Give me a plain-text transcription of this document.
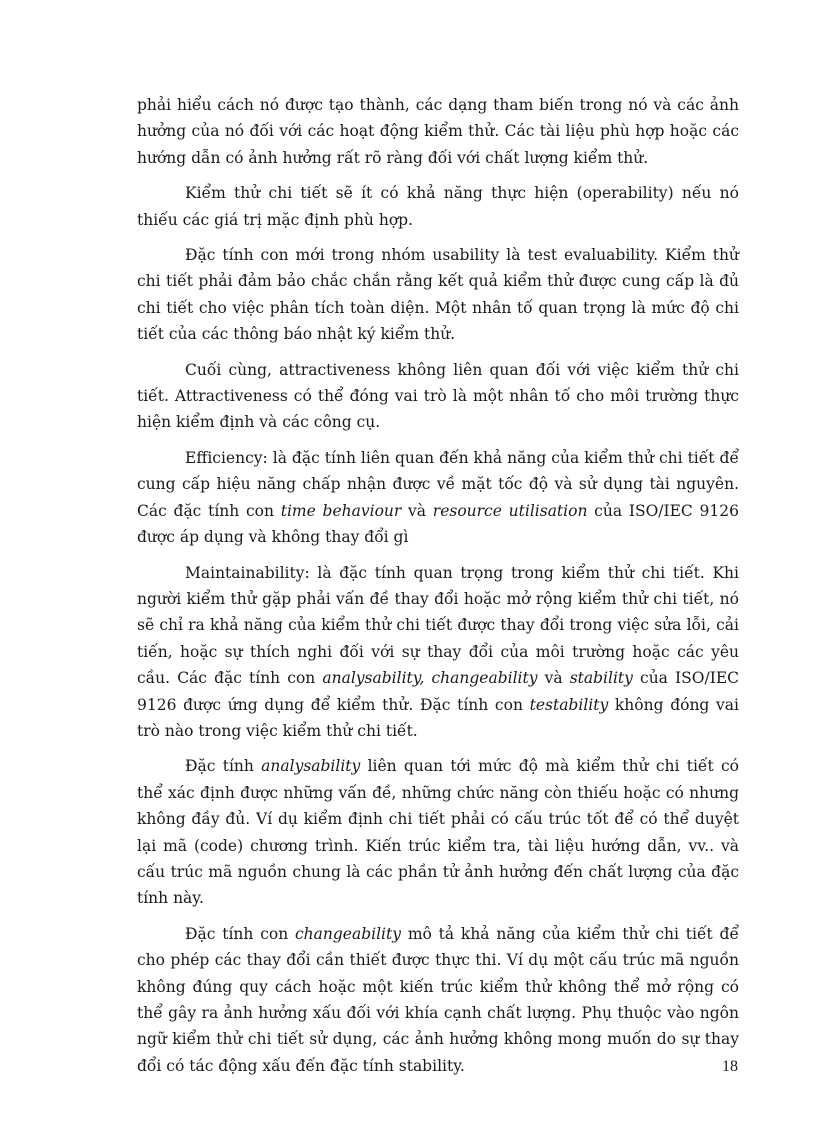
phải hiểu cách nó được tạo thành, các dạng tham biến trong nó và các ảnh hưởng của nó đối với các hoạt động kiểm thử. Các tài liệu phù hợp hoặc các hướng dẫn có ảnh hưởng rất rõ ràng đối với chất lượng kiểm thử.

Kiểm thử chi tiết sẽ ít có khả năng thực hiện (operability) nếu nó thiếu các giá trị mặc định phù hợp.

Đặc tính con mới trong nhóm usability là test evaluability. Kiểm thử chi tiết phải đảm bảo chắc chắn rằng kết quả kiểm thử được cung cấp là đủ chi tiết cho việc phân tích toàn diện. Một nhân tố quan trọng là mức độ chi tiết của các thông báo nhật ký kiểm thử.

Cuối cùng, attractiveness không liên quan đối với việc kiểm thử chi tiết. Attractiveness có thể đóng vai trò là một nhân tố cho môi trường thực hiện kiểm định và các công cụ.

Efficiency: là đặc tính liên quan đến khả năng của kiểm thử chi tiết để cung cấp hiệu năng chấp nhận được về mặt tốc độ và sử dụng tài nguyên. Các đặc tính con time behaviour và resource utilisation của ISO/IEC 9126 được áp dụng và không thay đổi gì

Maintainability: là đặc tính quan trọng trong kiểm thử chi tiết. Khi người kiểm thử gặp phải vấn đề thay đổi hoặc mở rộng kiểm thử chi tiết, nó sẽ chỉ ra khả năng của kiểm thử chi tiết được thay đổi trong việc sửa lỗi, cải tiến, hoặc sự thích nghi đối với sự thay đổi của môi trường hoặc các yêu cầu. Các đặc tính con analysability, changeability và stability của ISO/IEC 9126 được ứng dụng để kiểm thử. Đặc tính con testability không đóng vai trò nào trong việc kiểm thử chi tiết.

Đặc tính analysability liên quan tới mức độ mà kiểm thử chi tiết có thể xác định được những vấn đề, những chức năng còn thiếu hoặc có nhưng không đầy đủ. Ví dụ kiểm định chi tiết phải có cấu trúc tốt để có thể duyệt lại mã (code) chương trình. Kiến trúc kiểm tra, tài liệu hướng dẫn, vv.. và cấu trúc mã nguồn chung là các phần tử ảnh hưởng đến chất lượng của đặc tính này.

Đặc tính con changeability mô tả khả năng của kiểm thử chi tiết để cho phép các thay đổi cần thiết được thực thi. Ví dụ một cấu trúc mã nguồn không đúng quy cách hoặc một kiến trúc kiểm thử không thể mở rộng có thể gây ra ảnh hưởng xấu đối với khía cạnh chất lượng. Phụ thuộc vào ngôn ngữ kiểm thử chi tiết sử dụng, các ảnh hưởng không mong muốn do sự thay đổi có tác động xấu đến đặc tính stability.	18
